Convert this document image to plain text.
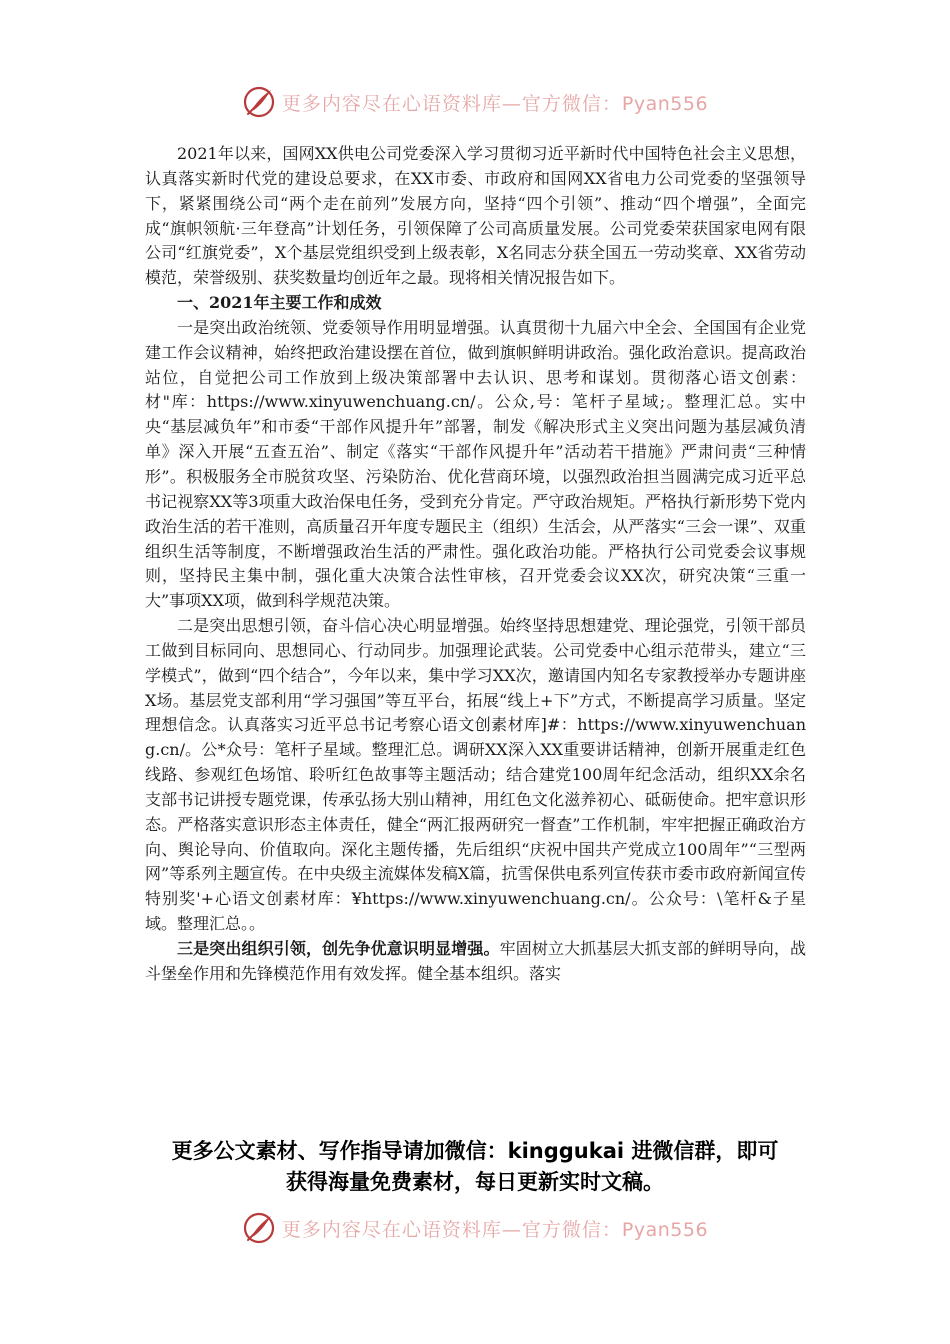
更多内容尽在心语资料库—官方微信：Pyan556

2021年以来，国网XX供电公司党委深入学习贯彻习近平新时代中国特色社会主义思想，认真落实新时代党的建设总要求，在XX市委、市政府和国网XX省电力公司党委的坚强领导下，紧紧围绕公司“两个走在前列”发展方向，坚持“四个引领”、推动“四个增强”，全面完成“旗帜领航·三年登高”计划任务，引领保障了公司高质量发展。公司党委荣获国家电网有限公司“红旗党委”，X个基层党组织受到上级表彰，X名同志分获全国五一劳动奖章、XX省劳动模范，荣誉级别、获奖数量均创近年之最。现将相关情况报告如下。

一、2021年主要工作和成效

一是突出政治统领、党委领导作用明显增强。认真贯彻十九届六中全会、全国国有企业党建工作会议精神，始终把政治建设摆在首位，做到旗帜鲜明讲政治。强化政治意识。提高政治站位，自觉把公司工作放到上级决策部署中去认识、思考和谋划。贯彻落心语文创素：材"库：https://www.xinyuwenchuang.cn/。公众,号：笔杆子星域;。整理汇总。实中央“基层减负年”和市委“干部作风提升年”部署，制发《解决形式主义突出问题为基层减负清单》深入开展“五查五治”、制定《落实“干部作风提升年”活动若干措施》严肃问责“三种情形”。积极服务全市脱贫攻坚、污染防治、优化营商环境，以强烈政治担当圆满完成习近平总书记视察XX等3项重大政治保电任务，受到充分肯定。严守政治规矩。严格执行新形势下党内政治生活的若干准则，高质量召开年度专题民主（组织）生活会，从严落实“三会一课”、双重组织生活等制度，不断增强政治生活的严肃性。强化政治功能。严格执行公司党委会议事规则，坚持民主集中制，强化重大决策合法性审核，召开党委会议XX次，研究决策“三重一大”事项XX项，做到科学规范决策。

二是突出思想引领，奋斗信心决心明显增强。始终坚持思想建党、理论强党，引领干部员工做到目标同向、思想同心、行动同步。加强理论武装。公司党委中心组示范带头，建立“三学模式”，做到“四个结合”，今年以来，集中学习XX次，邀请国内知名专家教授举办专题讲座X场。基层党支部利用“学习强国”等互平台，拓展“线上+下”方式，不断提高学习质量。坚定理想信念。认真落实习近平总书记考察心语文创素材库]#：https://www.xinyuwenchuang.cn/。公*众号：笔杆子星域。整理汇总。调研XX深入XX重要讲话精神，创新开展重走红色线路、参观红色场馆、聆听红色故事等主题活动；结合建党100周年纪念活动，组织XX余名支部书记讲授专题党课，传承弘扬大别山精神，用红色文化滋养初心、砥砺使命。把牢意识形态。严格落实意识形态主体责任，健全“两汇报两研究一督查”工作机制，牢牢把握正确政治方向、舆论导向、价值取向。深化主题传播，先后组织“庆祝中国共产党成立100周年”“三型两网”等系列主题宣传。在中央级主流媒体发稿X篇，抗雪保供电系列宣传获市委市政府新闻宣传特别奖'+心语文创素材库：¥https://www.xinyuwenchuang.cn/。公众号：\笔杆&子星域。整理汇总。。

三是突出组织引领，创先争优意识明显增强。牢固树立大抓基层大抓支部的鲜明导向，战斗堡垒作用和先锋模范作用有效发挥。健全基本组织。落实

更多公文素材、写作指导请加微信：kinggukai 进微信群，即可
获得海量免费素材，每日更新实时文稿。
更多内容尽在心语资料库—官方微信：Pyan556
